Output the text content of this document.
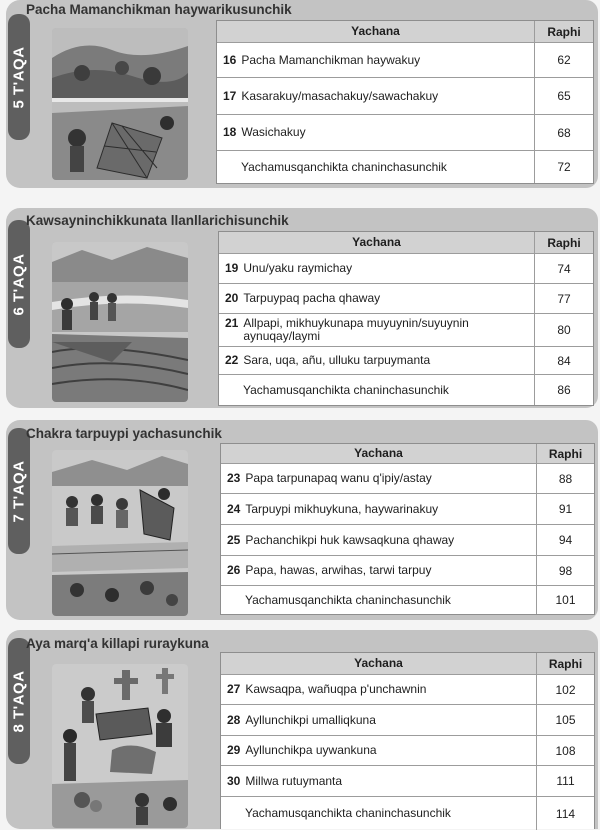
5 T'AQA
Pacha Mamanchikman haywarikusunchik
Yachana	Raphi
16 Pacha Mamanchikman haywakuy	62
17 Kasarakuy/masachakuy/sawachakuy	65
18 Wasichakuy	68
Yachamusqanchikta chaninchasunchik	72
6 T'AQA
Kawsayninchikkunata llanllarichisunchik
Yachana	Raphi
19 Unu/yaku raymichay	74
20 Tarpuypaq pacha qhaway	77
21 Allpapi, mikhuykunapa muyuynin/suyuynin aynuqay/laymi	80
22 Sara, uqa, añu, ulluku tarpuymanta	84
Yachamusqanchikta chaninchasunchik	86
7 T'AQA
Chakra tarpuypi yachasunchik
Yachana	Raphi
23 Papa tarpunapaq wanu q'ipiy/astay	88
24 Tarpuypi mikhuykuna, haywarinakuy	91
25 Pachanchikpi huk kawsaqkuna qhaway	94
26 Papa, hawas, arwihas, tarwi tarpuy	98
Yachamusqanchikta chaninchasunchik	101
8 T'AQA
Aya marq'a killapi ruraykuna
Yachana	Raphi
27 Kawsaqpa, wañuqpa p'unchawnin	102
28 Ayllunchikpi umalliqkuna	105
29 Ayllunchikpa uywankuna	108
30 Millwa rutuymanta	111
Yachamusqanchikta chaninchasunchik	114
